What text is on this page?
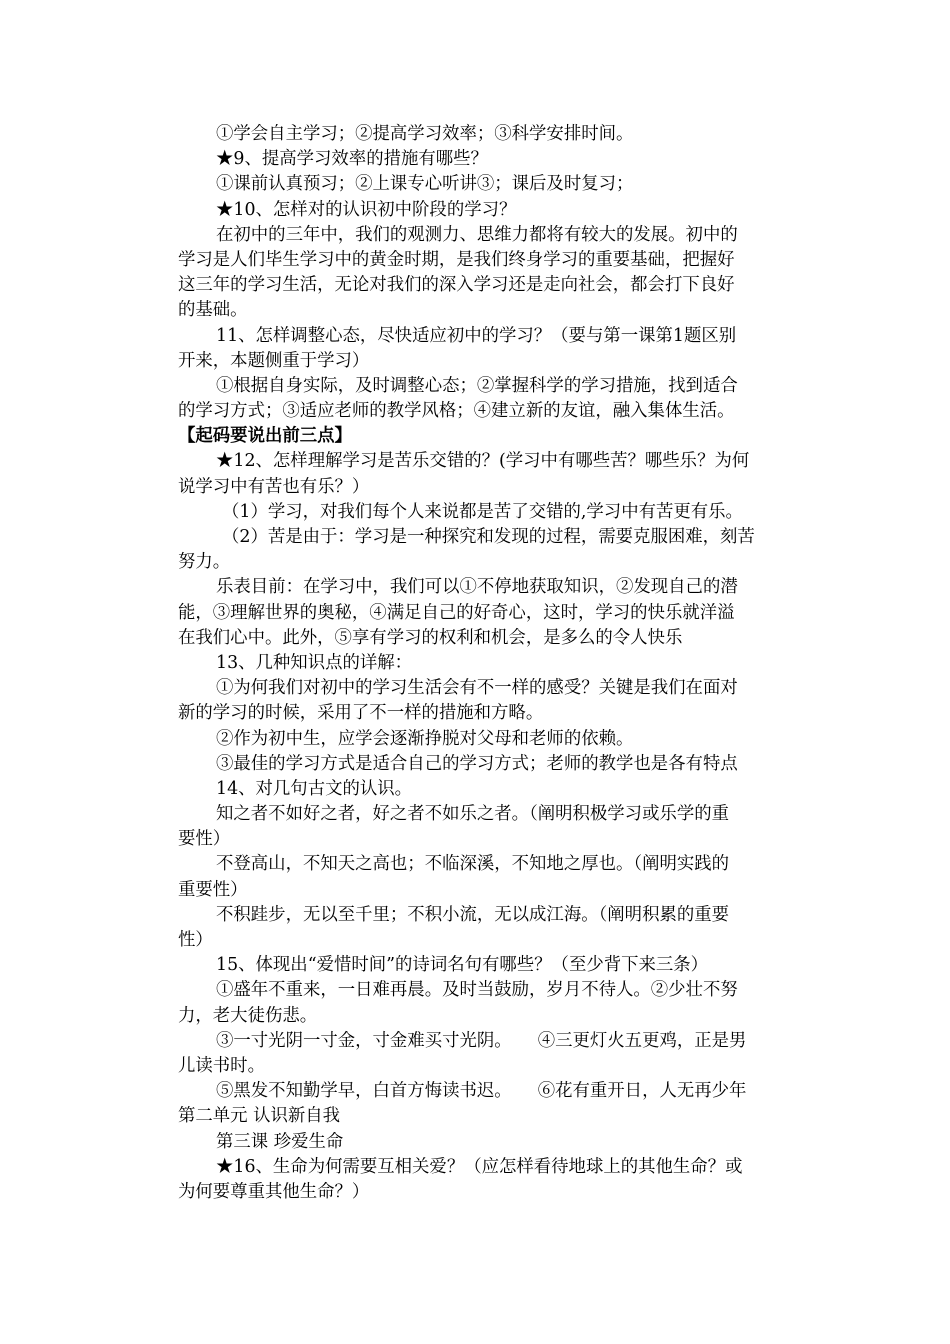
①学会自主学习；②提高学习效率；③科学安排时间。
★9、提高学习效率的措施有哪些？
①课前认真预习；②上课专心听讲③；课后及时复习；
★10、怎样对的认识初中阶段的学习？
在初中的三年中，我们的观测力、思维力都将有较大的发展。初中的
学习是人们毕生学习中的黄金时期，是我们终身学习的重要基础，把握好
这三年的学习生活，无论对我们的深入学习还是走向社会，都会打下良好
的基础。
11、怎样调整心态，尽快适应初中的学习？（要与第一课第1题区别
开来，本题侧重于学习）
①根据自身实际，及时调整心态；②掌握科学的学习措施，找到适合
的学习方式；③适应老师的教学风格；④建立新的友谊，融入集体生活。
【起码要说出前三点】
★12、怎样理解学习是苦乐交错的？(学习中有哪些苦？哪些乐？为何
说学习中有苦也有乐？）
（1）学习，对我们每个人来说都是苦了交错的,学习中有苦更有乐。
（2）苦是由于：学习是一种探究和发现的过程，需要克服困难，刻苦
努力。
乐表目前：在学习中，我们可以①不停地获取知识，②发现自己的潜
能，③理解世界的奥秘，④满足自己的好奇心，这时，学习的快乐就洋溢
在我们心中。此外，⑤享有学习的权利和机会，是多么的令人快乐
13、几种知识点的详解：
①为何我们对初中的学习生活会有不一样的感受？关键是我们在面对
新的学习的时候，采用了不一样的措施和方略。
②作为初中生，应学会逐渐挣脱对父母和老师的依赖。
③最佳的学习方式是适合自己的学习方式；老师的教学也是各有特点
14、对几句古文的认识。
知之者不如好之者，好之者不如乐之者。（阐明积极学习或乐学的重
要性）
不登高山，不知天之高也；不临深溪，不知地之厚也。（阐明实践的
重要性）
不积跬步，无以至千里；不积小流，无以成江海。（阐明积累的重要
性）
15、体现出“爱惜时间”的诗词名句有哪些？（至少背下来三条）
①盛年不重来，一日难再晨。及时当鼓励，岁月不待人。②少壮不努
力，老大徒伤悲。
③一寸光阴一寸金，寸金难买寸光阴。　　④三更灯火五更鸡，正是男
儿读书时。
⑤黑发不知勤学早，白首方悔读书迟。　　⑥花有重开日，人无再少年
第二单元 认识新自我
第三课 珍爱生命
★16、生命为何需要互相关爱？（应怎样看待地球上的其他生命？或
为何要尊重其他生命？）
